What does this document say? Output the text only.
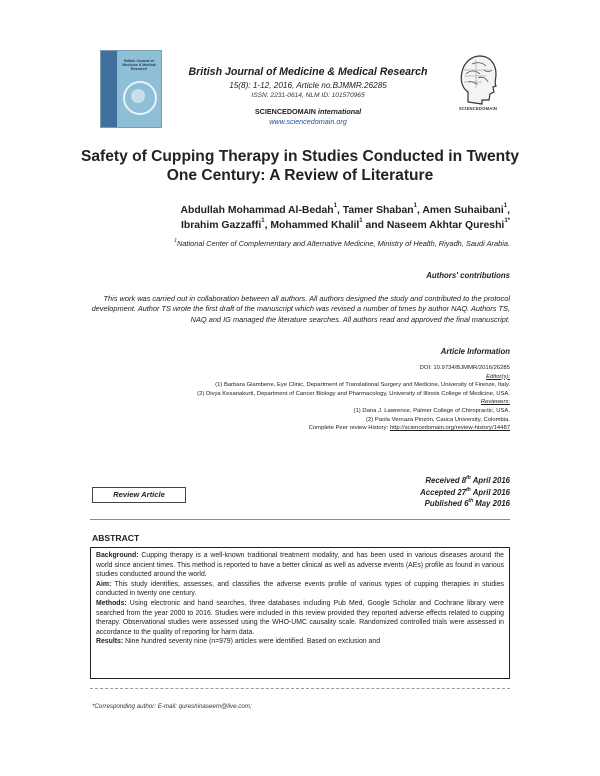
British Journal of Medicine & Medical Research	British Journal of Medicine & Medical Research
15(8): 1-12, 2016, Article no.BJMMR.26285
ISSN: 2231-0614, NLM ID: 101570965
SCIENCEDOMAIN international
www.sciencedomain.org
SCIENCEDOMAIN
Safety of Cupping Therapy in Studies Conducted in Twenty One Century: A Review of Literature
Abdullah Mohammad Al-Bedah$^1$, Tamer Shaban$^1$, Amen Suhaibani$^1$,
Ibrahim Gazzaffi$^1$, Mohammed Khalil$^1$ and Naseem Akhtar Qureshi$^{1*}$
$^1$National Center of Complementary and Alternative Medicine, Ministry of Health, Riyadh, Saudi Arabia.
Authors' contributions
This work was carried out in collaboration between all authors. All authors designed the study and contributed to the protocol development. Author TS wrote the first draft of the manuscript which was revised a number of times by author NAQ. Authors TS, NAQ and IG managed the literature searches. All authors read and approved the final manuscript.
Article Information
DOI: 10.9734/BJMMR/2016/26285
Editor(s):
(1) Barbara Giambene, Eye Clinic, Department of Translational Surgery and Medicine, University of Firenze, Italy.
(2) Divya Kesanakurti, Department of Cancer Biology and Pharmacology, University of Illinois College of Medicine, USA.
Reviewers:
(1) Dana J. Lawrence, Palmer College of Chiropractic, USA.
(2) Paola Vernaza Pinzón, Cauca University, Colombia.
Complete Peer review History: http://sciencedomain.org/review-history/14487
Review Article
Received 8th April 2016
Accepted 27th April 2016
Published 6th May 2016
ABSTRACT

Background: Cupping therapy is a well-known traditional treatment modality, and has been used in various diseases around the world since ancient times. This method is reported to have a better clinical as well as adverse events (AEs) profile as found in various studies conducted around the world.

Aim: This study identifies, assesses, and classifies the adverse events profile of various types of cupping therapies in studies conducted in twenty one century.

Methods: Using electronic and hand searches, three databases including Pub Med, Google Scholar and Cochrane library were searched from the year 2000 to 2016. Studies were included in this review provided they reported adverse effects related to cupping therapy. Observational studies were assessed using the WHO-UMC causality scale. Randomized controlled trials were assessed in accordance to the quality of reporting for harm data.

Results: Nine hundred seventy nine (n=979) articles were identified. Based on exclusion and

*Corresponding author: E-mail: qureshinaseem@live.com;
